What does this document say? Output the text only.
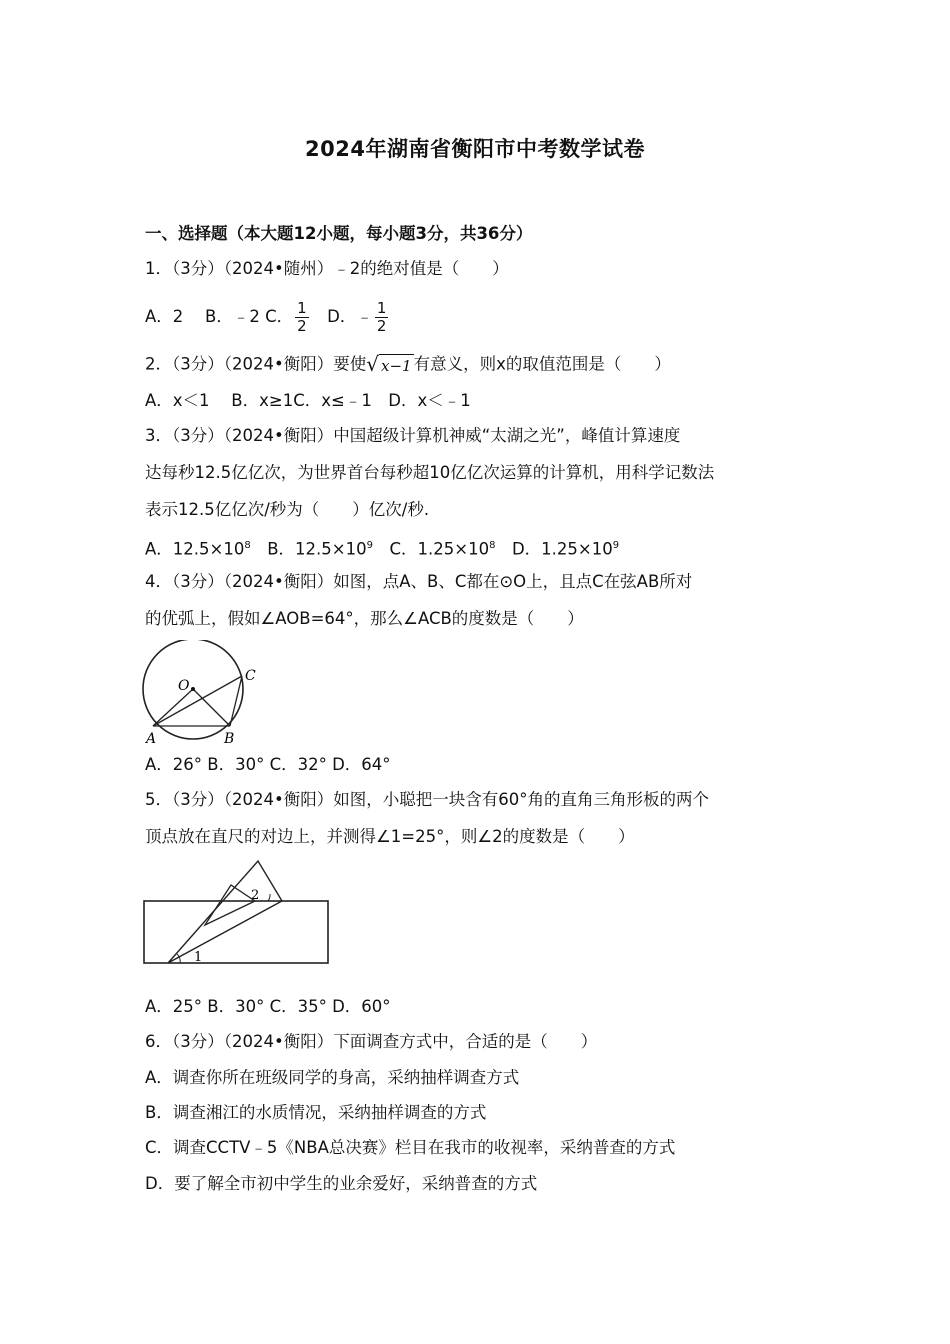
2024年湖南省衡阳市中考数学试卷
一、选择题（本大题12小题，每小题3分，共36分）
1．（3分）（2024•随州）﹣2的绝对值是（　　）
A．2　 B．﹣2 C． $\frac{1}{2}$ 　D．﹣ $\frac{1}{2}$
2．（3分）（2024•衡阳）要使√ x−1 有意义，则x的取值范围是（　　）
A．x＜1　 B．x≥1C．x≤﹣1　D．x＜﹣1
3．（3分）（2024•衡阳）中国超级计算机神威“太湖之光”，峰值计算速度
达每秒12.5亿亿次，为世界首台每秒超10亿亿次运算的计算机，用科学记数法
表示12.5亿亿次/秒为（　　）亿次/秒.
A．$12.5\times 10^8$　B．$12.5\times 10^9$　C．$1.25\times 10^8$　D．$1.25\times 10^9$
4．（3分）（2024•衡阳）如图，点A、B、C都在⊙O上，且点C在弦AB所对
的优弧上，假如∠AOB=64°，那么∠ACB的度数是（　　）
O
A	B
C
A．26° B．30° C．32° D．64°
5．（3分）（2024•衡阳）如图，小聪把一块含有60°角的直角三角形板的两个
顶点放在直尺的对边上，并测得∠1=25°，则∠2的度数是（　　）
2
1
A．25° B．30° C．35° D．60°
6．（3分）（2024•衡阳）下面调查方式中，合适的是（　　）
A．调查你所在班级同学的身高，采纳抽样调查方式
B．调查湘江的水质情况，采纳抽样调查的方式
C．调查CCTV﹣5《NBA总决赛》栏目在我市的收视率，采纳普查的方式
D．要了解全市初中学生的业余爱好，采纳普查的方式
